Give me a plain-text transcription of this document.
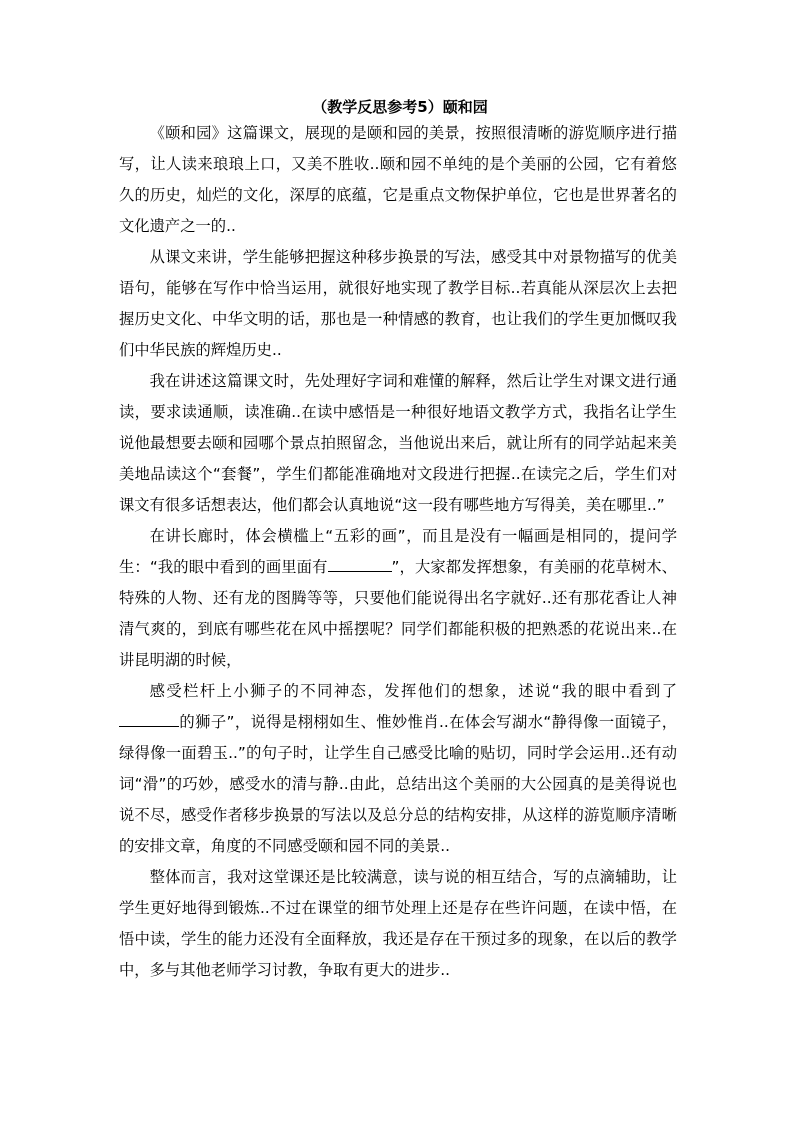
（教学反思参考5）颐和园

《颐和园》这篇课文，展现的是颐和园的美景，按照很清晰的游览顺序进行描写，让人读来琅琅上口，又美不胜收..颐和园不单纯的是个美丽的公园，它有着悠久的历史，灿烂的文化，深厚的底蕴，它是重点文物保护单位，它也是世界著名的文化遗产之一的..

从课文来讲，学生能够把握这种移步换景的写法，感受其中对景物描写的优美语句，能够在写作中恰当运用，就很好地实现了教学目标..若真能从深层次上去把握历史文化、中华文明的话，那也是一种情感的教育，也让我们的学生更加慨叹我们中华民族的辉煌历史..

我在讲述这篇课文时，先处理好字词和难懂的解释，然后让学生对课文进行通读，要求读通顺，读准确..在读中感悟是一种很好地语文教学方式，我指名让学生说他最想要去颐和园哪个景点拍照留念，当他说出来后，就让所有的同学站起来美美地品读这个“套餐”，学生们都能准确地对文段进行把握..在读完之后，学生们对课文有很多话想表达，他们都会认真地说“这一段有哪些地方写得美，美在哪里..”

在讲长廊时，体会横槛上“五彩的画”，而且是没有一幅画是相同的，提问学生：“我的眼中看到的画里面有	”，大家都发挥想象，有美丽的花草树木、特殊的人物、还有龙的图腾等等，只要他们能说得出名字就好..还有那花香让人神清气爽的，到底有哪些花在风中摇摆呢？同学们都能积极的把熟悉的花说出来..在讲昆明湖的时候，

感受栏杆上小狮子的不同神态，发挥他们的想象，述说“我的眼中看到了的狮子”，说得是栩栩如生、惟妙惟肖..在体会写湖水“静得像一面镜子，绿得像一面碧玉..”的句子时，让学生自己感受比喻的贴切，同时学会运用..还有动词“滑”的巧妙，感受水的清与静..由此，总结出这个美丽的大公园真的是美得说也说不尽，感受作者移步换景的写法以及总分总的结构安排，从这样的游览顺序清晰的安排文章，角度的不同感受颐和园不同的美景..

整体而言，我对这堂课还是比较满意，读与说的相互结合，写的点滴辅助，让学生更好地得到锻炼..不过在课堂的细节处理上还是存在些许问题，在读中悟，在悟中读，学生的能力还没有全面释放，我还是存在干预过多的现象，在以后的教学中，多与其他老师学习讨教，争取有更大的进步..
